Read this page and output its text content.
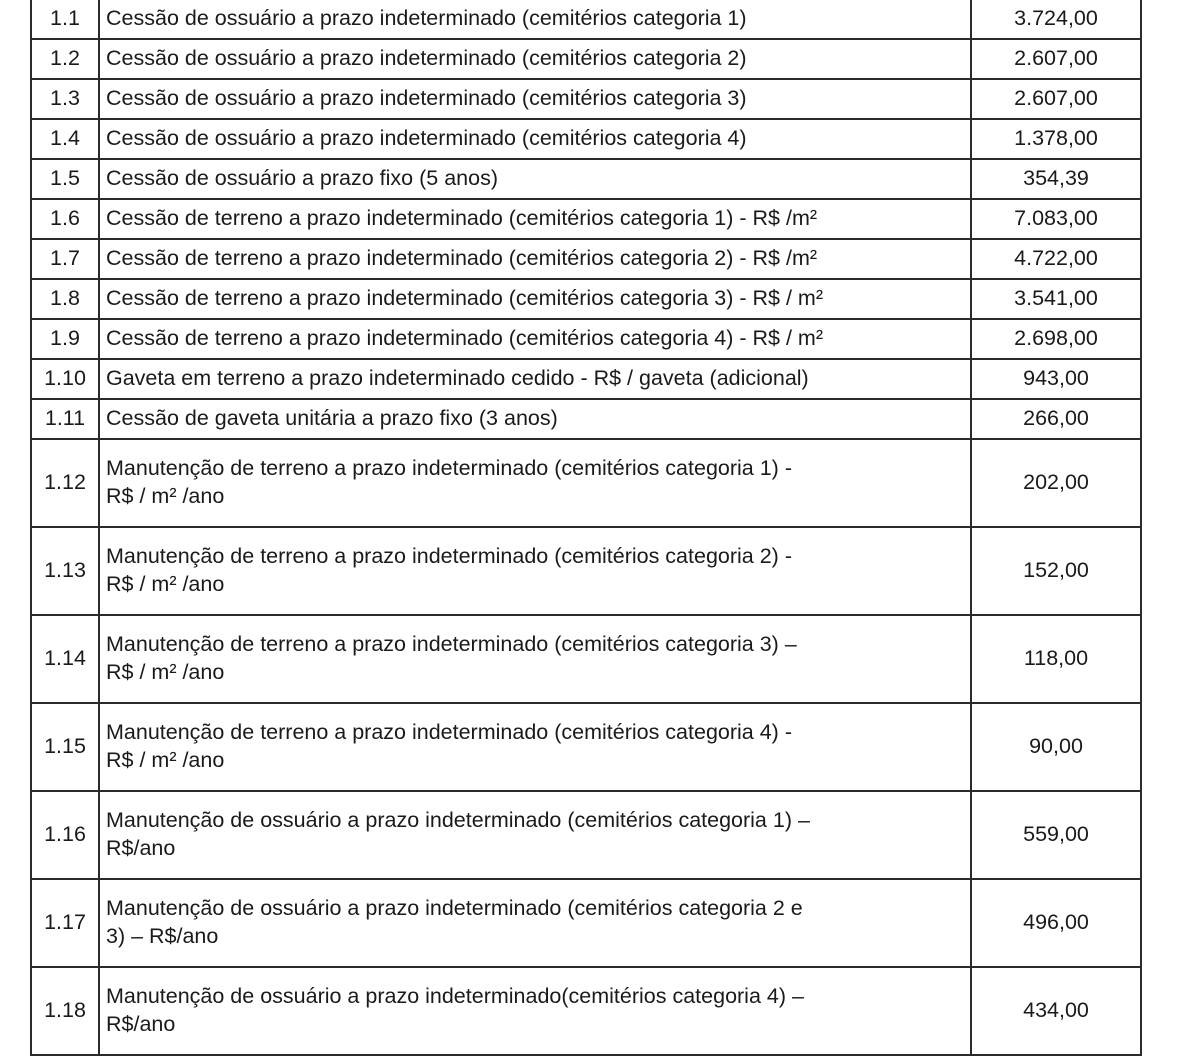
1.1	Cessão de ossuário a prazo indeterminado (cemitérios categoria 1)	3.724,00
1.2	Cessão de ossuário a prazo indeterminado (cemitérios categoria 2)	2.607,00
1.3	Cessão de ossuário a prazo indeterminado (cemitérios categoria 3)	2.607,00
1.4	Cessão de ossuário a prazo indeterminado (cemitérios categoria 4)	1.378,00
1.5	Cessão de ossuário a prazo fixo (5 anos)	354,39
1.6	Cessão de terreno a prazo indeterminado (cemitérios categoria 1) - R$ /m²	7.083,00
1.7	Cessão de terreno a prazo indeterminado (cemitérios categoria 2) - R$ /m²	4.722,00
1.8	Cessão de terreno a prazo indeterminado (cemitérios categoria 3) - R$ / m²	3.541,00
1.9	Cessão de terreno a prazo indeterminado (cemitérios categoria 4) - R$ / m²	2.698,00
1.10	Gaveta em terreno a prazo indeterminado cedido - R$ / gaveta (adicional)	943,00
1.11	Cessão de gaveta unitária a prazo fixo (3 anos)	266,00
1.12	Manutenção de terreno a prazo indeterminado (cemitérios categoria 1) -
R$ / m² /ano	202,00
1.13	Manutenção de terreno a prazo indeterminado (cemitérios categoria 2) -
R$ / m² /ano	152,00
1.14	Manutenção de terreno a prazo indeterminado (cemitérios categoria 3) –
R$ / m² /ano	118,00
1.15	Manutenção de terreno a prazo indeterminado (cemitérios categoria 4) -
R$ / m² /ano	90,00
1.16	Manutenção de ossuário a prazo indeterminado (cemitérios categoria 1) –
R$/ano	559,00
1.17	Manutenção de ossuário a prazo indeterminado (cemitérios categoria 2 e
3) – R$/ano	496,00
1.18	Manutenção de ossuário a prazo indeterminado(cemitérios categoria 4) –
R$/ano	434,00
